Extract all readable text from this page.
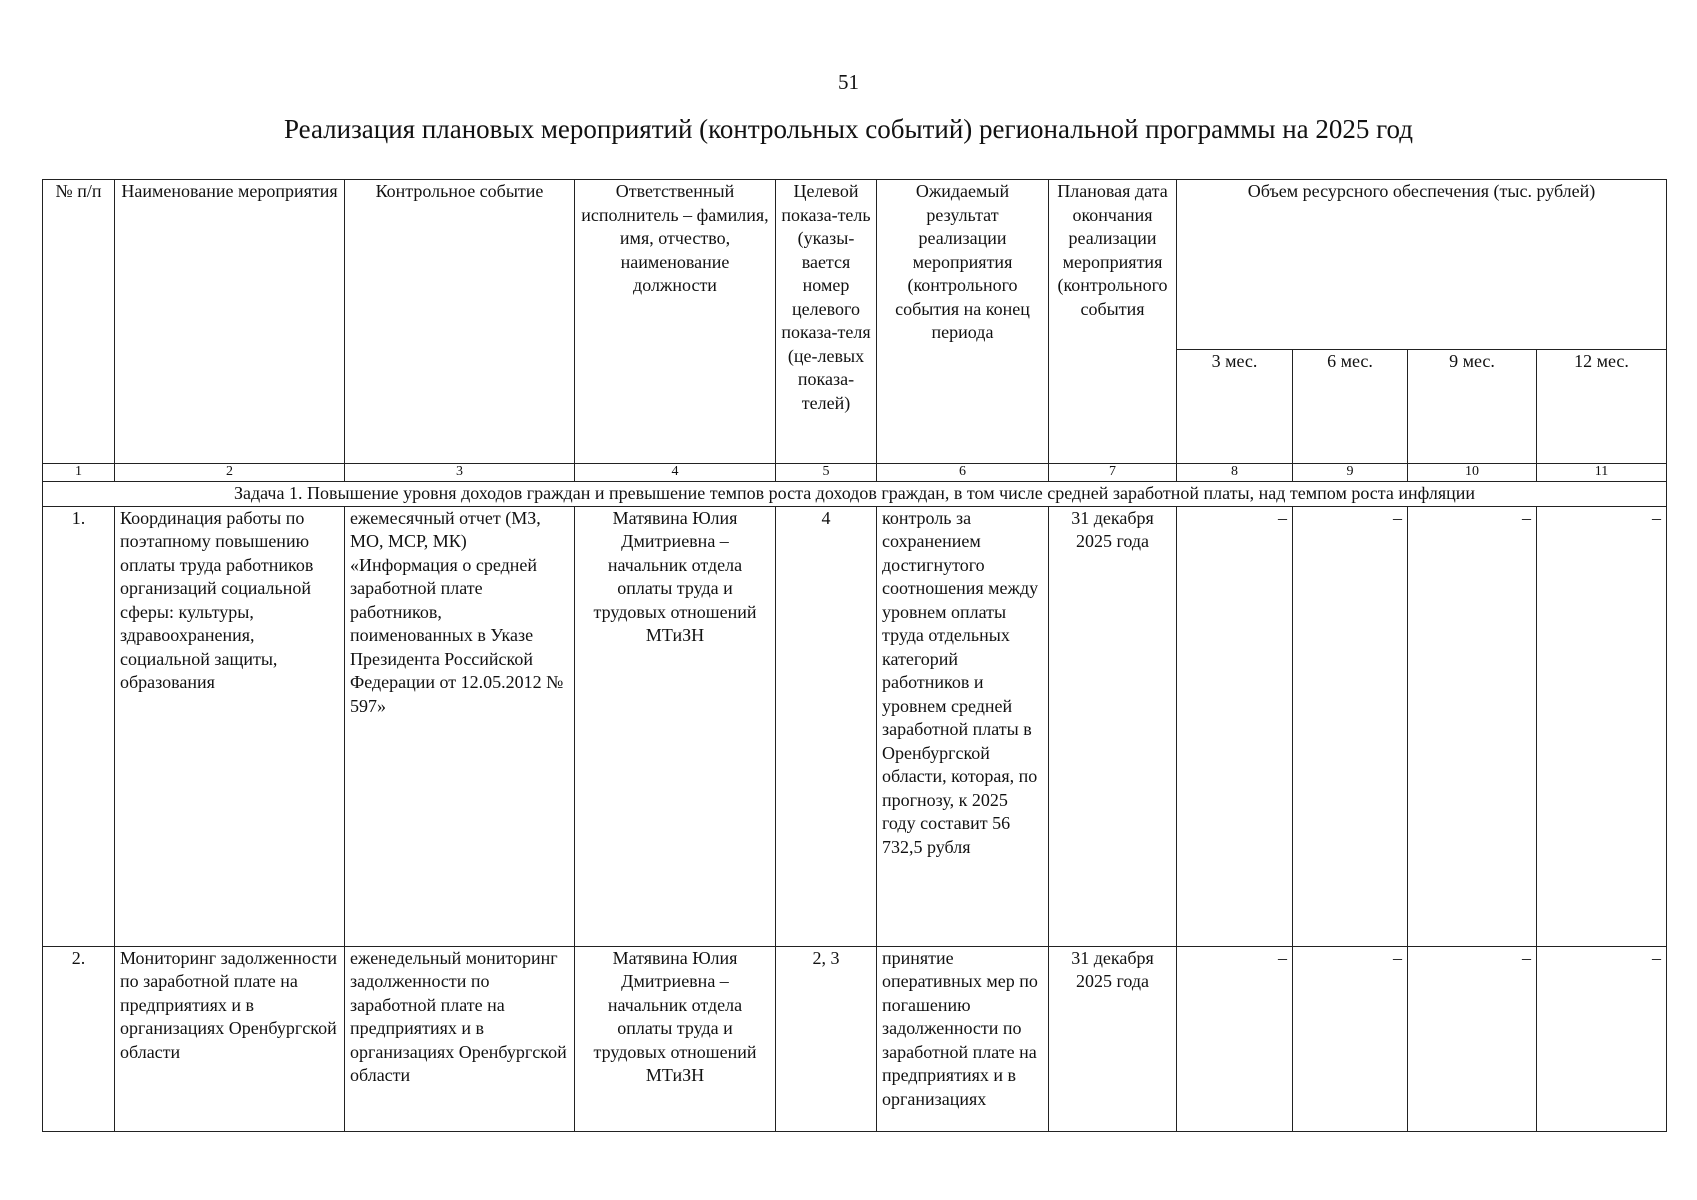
51
Реализация плановых мероприятий (контрольных событий) региональной программы на 2025 год
№ п/п	Наименование мероприятия	Контрольное событие	Ответственный исполнитель – фамилия, имя, отчество, наименование должности	Целевой показа-тель (указы-вается номер целевого показа-теля (це-левых показа-телей)	Ожидаемый результат реализации мероприятия (контрольного события на конец периода	Плановая дата окончания реализации мероприятия (контрольного события	Объем ресурсного обеспечения (тыс. рублей)			
							3 мес.	6 мес.	9 мес.	12 мес.
1	2	3	4	5	6	7	8	9	10	11
Задача 1. Повышение уровня доходов граждан и превышение темпов роста доходов граждан, в том числе средней заработной платы, над темпом роста инфляции										
1.	Координация работы по поэтапному повышению оплаты труда работников организаций социальной сферы: культуры, здравоохранения, социальной защиты, образования	ежемесячный отчет (МЗ, МО, МСР, МК) «Информация о средней заработной плате работников, поименованных в Указе Президента Российской Федерации от 12.05.2012 № 597»	Матявина Юлия Дмитриевна – начальник отдела оплаты труда и трудовых отношений МТиЗН	4	контроль за сохранением достигнутого соотношения между уровнем оплаты труда отдельных категорий работников и уровнем средней заработной платы в Оренбургской области, которая, по прогнозу, к 2025 году составит 56 732,5 рубля	31 декабря 2025 года	–	–	–	–
2.	Мониторинг задолженности по заработной плате на предприятиях и в организациях Оренбургской области	еженедельный мониторинг задолженности по заработной плате на предприятиях и в организациях Оренбургской области	Матявина Юлия Дмитриевна – начальник отдела оплаты труда и трудовых отношений МТиЗН	2, 3	принятие оперативных мер по погашению задолженности по заработной плате на предприятиях и в организациях	31 декабря 2025 года	–	–	–	–
